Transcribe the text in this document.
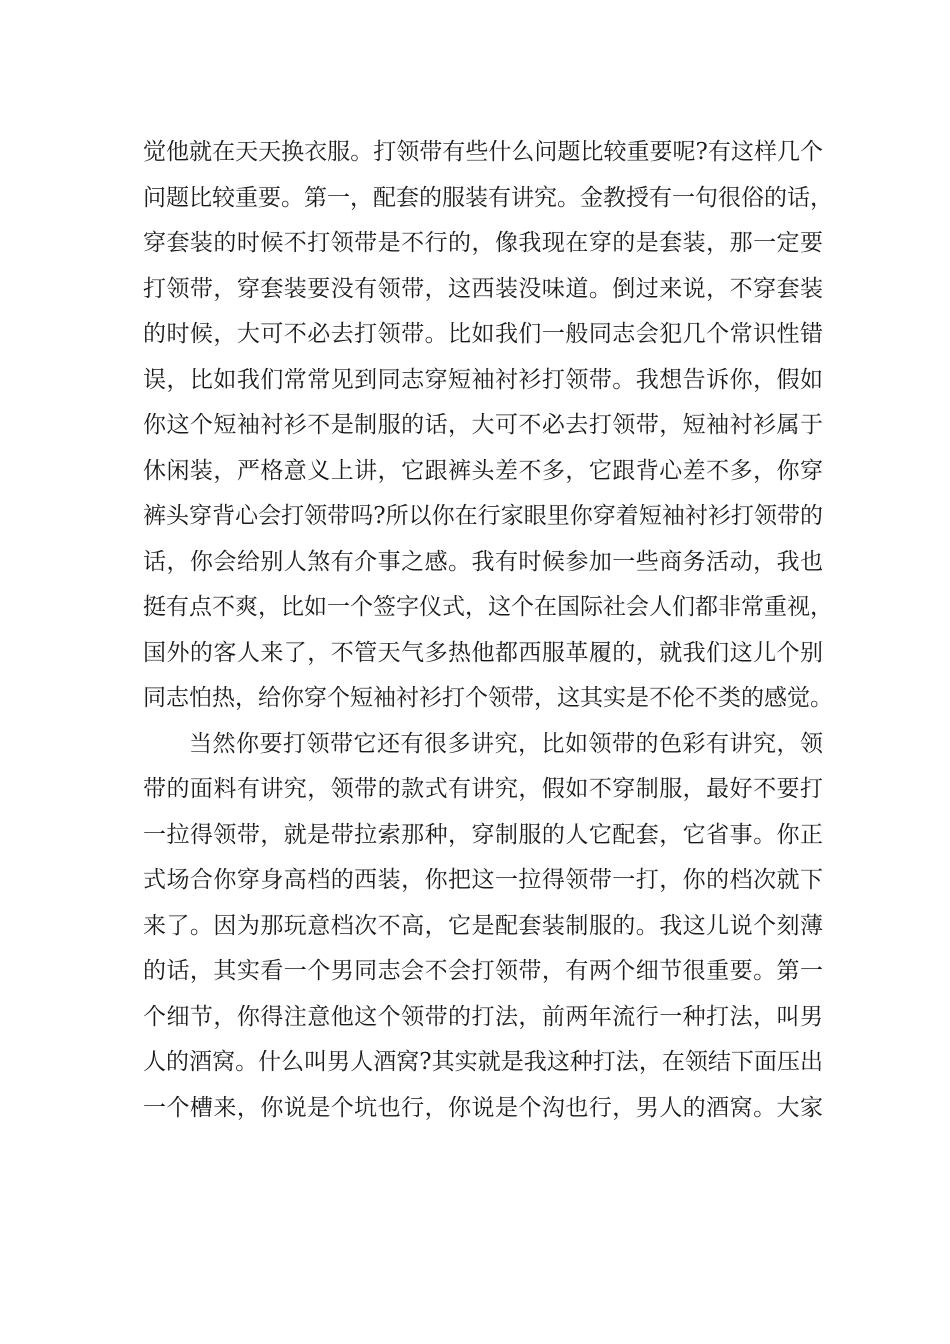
觉他就在天天换衣服。打领带有些什么问题比较重要呢?有这样几个
问题比较重要。第一，配套的服装有讲究。金教授有一句很俗的话，
穿套装的时候不打领带是不行的，像我现在穿的是套装，那一定要
打领带，穿套装要没有领带，这西装没味道。倒过来说，不穿套装
的时候，大可不必去打领带。比如我们一般同志会犯几个常识性错
误，比如我们常常见到同志穿短袖衬衫打领带。我想告诉你，假如
你这个短袖衬衫不是制服的话，大可不必去打领带，短袖衬衫属于
休闲装，严格意义上讲，它跟裤头差不多，它跟背心差不多，你穿
裤头穿背心会打领带吗?所以你在行家眼里你穿着短袖衬衫打领带的
话，你会给别人煞有介事之感。我有时候参加一些商务活动，我也
挺有点不爽，比如一个签字仪式，这个在国际社会人们都非常重视，
国外的客人来了，不管天气多热他都西服革履的，就我们这儿个别
同志怕热，给你穿个短袖衬衫打个领带，这其实是不伦不类的感觉。
当然你要打领带它还有很多讲究，比如领带的色彩有讲究，领
带的面料有讲究，领带的款式有讲究，假如不穿制服，最好不要打
一拉得领带，就是带拉索那种，穿制服的人它配套，它省事。你正
式场合你穿身高档的西装，你把这一拉得领带一打，你的档次就下
来了。因为那玩意档次不高，它是配套装制服的。我这儿说个刻薄
的话，其实看一个男同志会不会打领带，有两个细节很重要。第一
个细节，你得注意他这个领带的打法，前两年流行一种打法，叫男
人的酒窝。什么叫男人酒窝?其实就是我这种打法，在领结下面压出
一个槽来，你说是个坑也行，你说是个沟也行，男人的酒窝。大家
